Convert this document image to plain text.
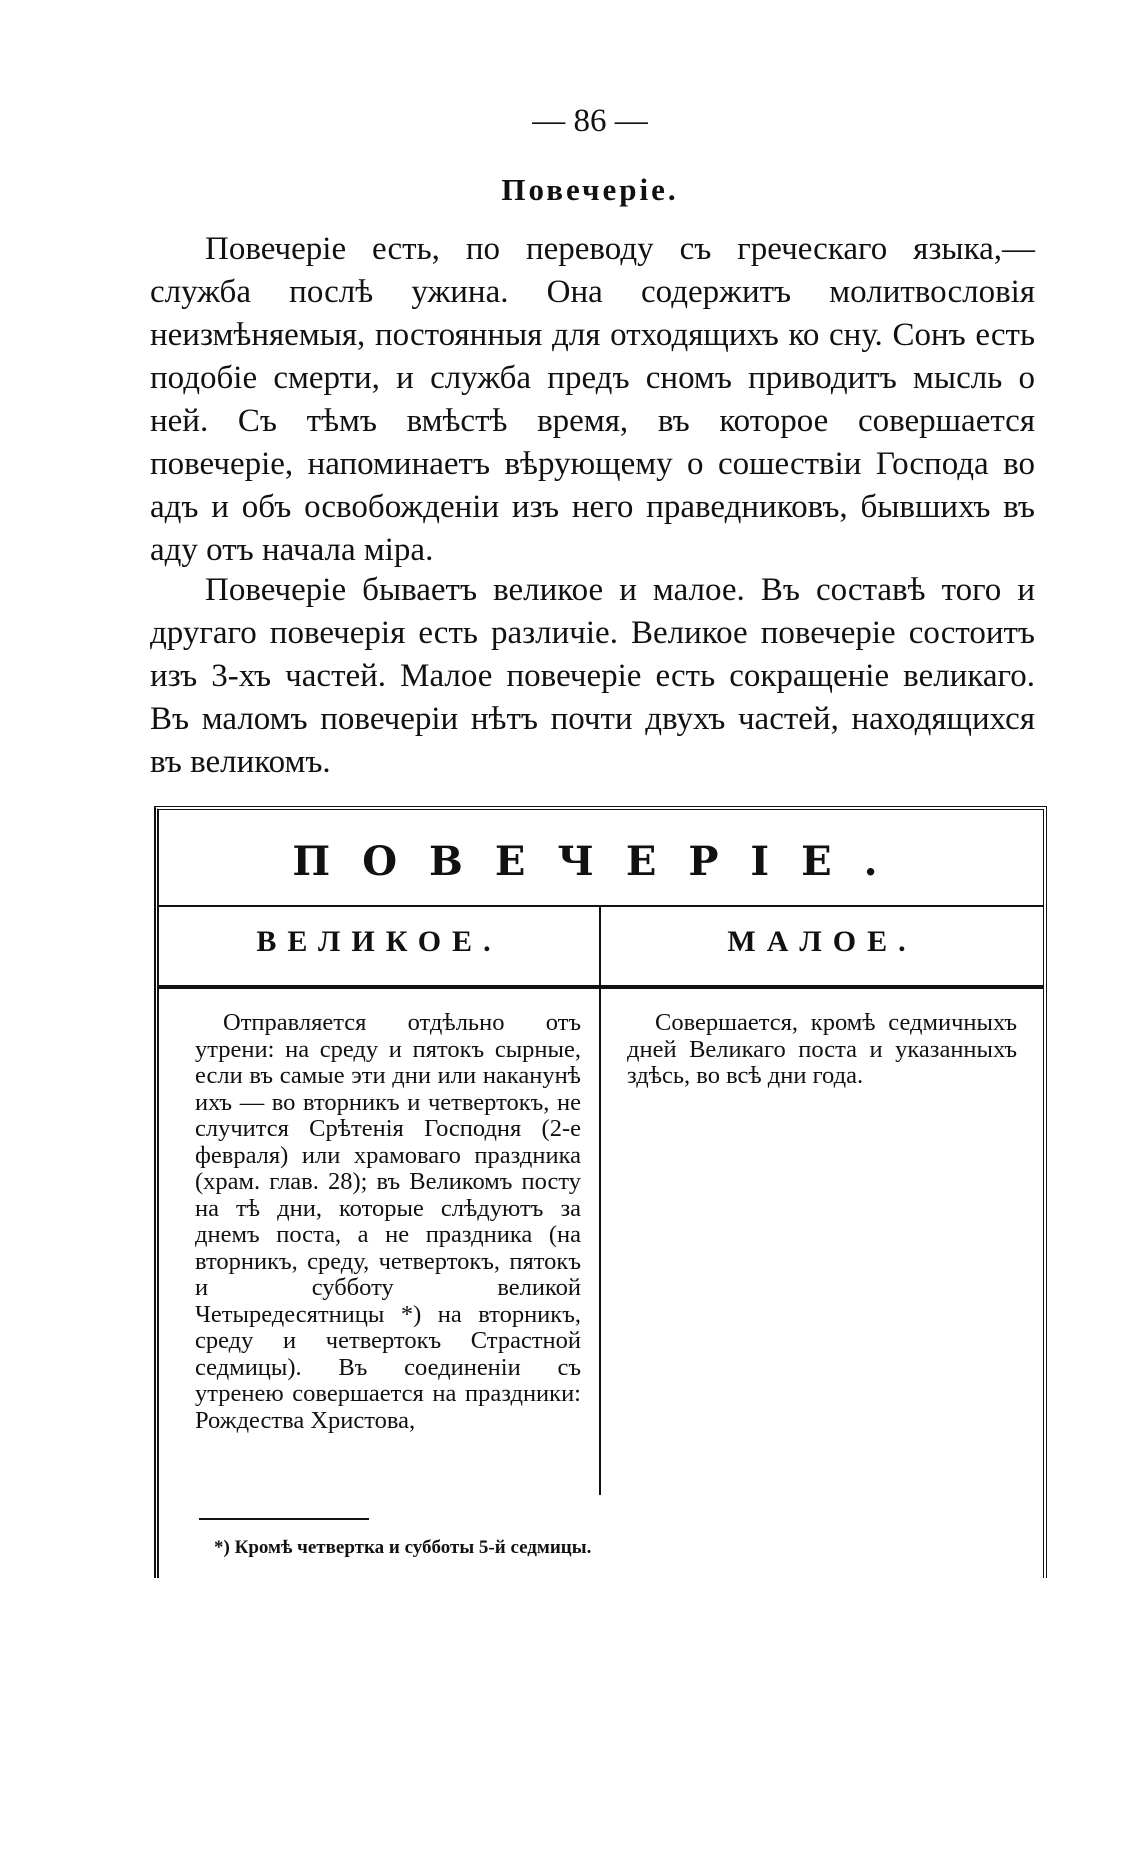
— 86 —
Повечеріе.

Повечеріе есть, по переводу съ греческаго языка,— служба послѣ ужина. Она содержитъ молитвословія неизмѣняемыя, постоянныя для отходящихъ ко сну. Сонъ есть подобіе смерти, и служба предъ сномъ приводитъ мысль о ней. Съ тѣмъ вмѣстѣ время, въ которое совершается повечеріе, напоминаетъ вѣрующему о сошествіи Господа во адъ и объ освобожденіи изъ него праведниковъ, бывшихъ въ аду отъ начала міра.

Повечеріе бываетъ великое и малое. Въ составѣ того и другаго повечерія есть различіе. Великое повечеріе состоитъ изъ 3-хъ частей. Малое повечеріе есть сокращеніе великаго. Въ маломъ повечеріи нѣтъ почти двухъ частей, находящихся въ великомъ.

ПОВЕЧЕРІЕ.
ВЕЛИКОЕ.	МАЛОЕ.

Отправляется отдѣльно отъ утрени: на среду и пятокъ сырные, если въ самые эти дни или наканунѣ ихъ — во вторникъ и четвертокъ, не случится Срѣтенія Господня (2-е февраля) или храмоваго праздника (храм. глав. 28); въ Великомъ посту на тѣ дни, которые слѣдуютъ за днемъ поста, а не праздника (на вторникъ, среду, четвертокъ, пятокъ и субботу великой Четыредесятницы *) на вторникъ, среду и четвертокъ Страстной седмицы). Въ соединеніи съ утренею совершается на праздники: Рождества Христова,

Совершается, кромѣ седмичныхъ дней Великаго поста и указанныхъ здѣсь, во всѣ дни года.

*) Кромѣ четвертка и субботы 5-й седмицы.
